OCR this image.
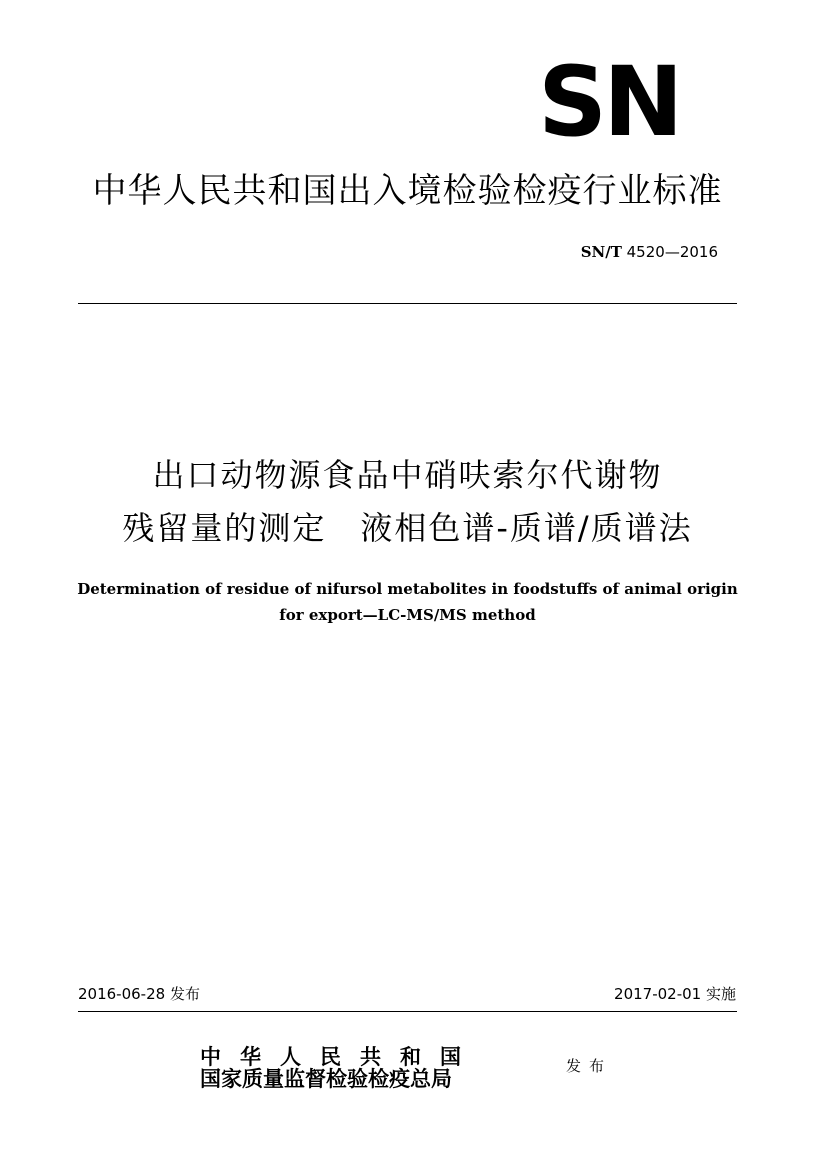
SN
中华人民共和国出入境检验检疫行业标准
SN/T 4520—2016
出口动物源食品中硝呋索尔代谢物
残留量的测定　液相色谱-质谱/质谱法
Determination of residue of nifursol metabolites in foodstuffs of animal origin
for export—LC-MS/MS method
2016-06-28 发布	2017-02-01 实施
中华人民共和国
国家质量监督检验检疫总局	发布
